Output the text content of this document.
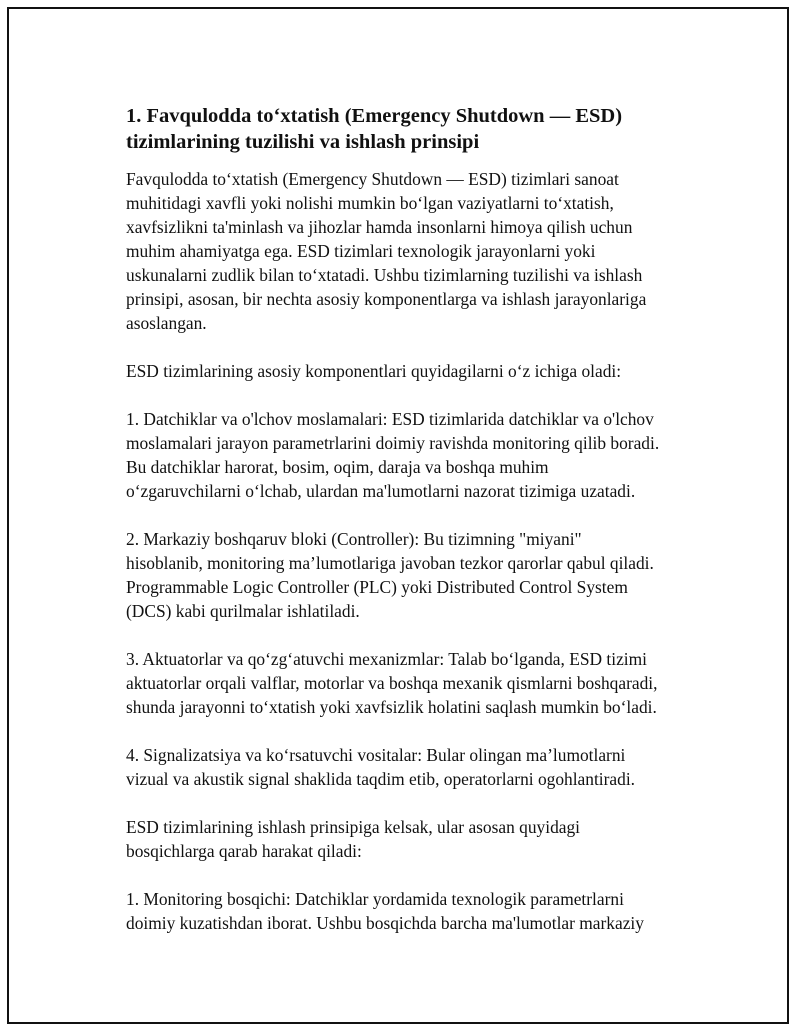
1. Favqulodda to‘xtatish (Emergency Shutdown — ESD) tizimlarining tuzilishi va ishlash prinsipi

Favqulodda to‘xtatish (Emergency Shutdown — ESD) tizimlari sanoat
muhitidagi xavfli yoki nolishi mumkin bo‘lgan vaziyatlarni to‘xtatish,
xavfsizlikni ta'minlash va jihozlar hamda insonlarni himoya qilish uchun
muhim ahamiyatga ega. ESD tizimlari texnologik jarayonlarni yoki
uskunalarni zudlik bilan to‘xtatadi. Ushbu tizimlarning tuzilishi va ishlash
prinsipi, asosan, bir nechta asosiy komponentlarga va ishlash jarayonlariga
asoslangan.

ESD tizimlarining asosiy komponentlari quyidagilarni o‘z ichiga oladi:

1. Datchiklar va o'lchov moslamalari: ESD tizimlarida datchiklar va o'lchov
moslamalari jarayon parametrlarini doimiy ravishda monitoring qilib boradi.
Bu datchiklar harorat, bosim, oqim, daraja va boshqa muhim
o‘zgaruvchilarni o‘lchab, ulardan ma'lumotlarni nazorat tizimiga uzatadi.

2. Markaziy boshqaruv bloki (Controller): Bu tizimning "miyani"
hisoblanib, monitoring ma’lumotlariga javoban tezkor qarorlar qabul qiladi.
Programmable Logic Controller (PLC) yoki Distributed Control System
(DCS) kabi qurilmalar ishlatiladi.

3. Aktuatorlar va qo‘zg‘atuvchi mexanizmlar: Talab bo‘lganda, ESD tizimi
aktuatorlar orqali valflar, motorlar va boshqa mexanik qismlarni boshqaradi,
shunda jarayonni to‘xtatish yoki xavfsizlik holatini saqlash mumkin bo‘ladi.

4. Signalizatsiya va ko‘rsatuvchi vositalar: Bular olingan ma’lumotlarni
vizual va akustik signal shaklida taqdim etib, operatorlarni ogohlantiradi.

ESD tizimlarining ishlash prinsipiga kelsak, ular asosan quyidagi
bosqichlarga qarab harakat qiladi:

1. Monitoring bosqichi: Datchiklar yordamida texnologik parametrlarni
doimiy kuzatishdan iborat. Ushbu bosqichda barcha ma'lumotlar markaziy
